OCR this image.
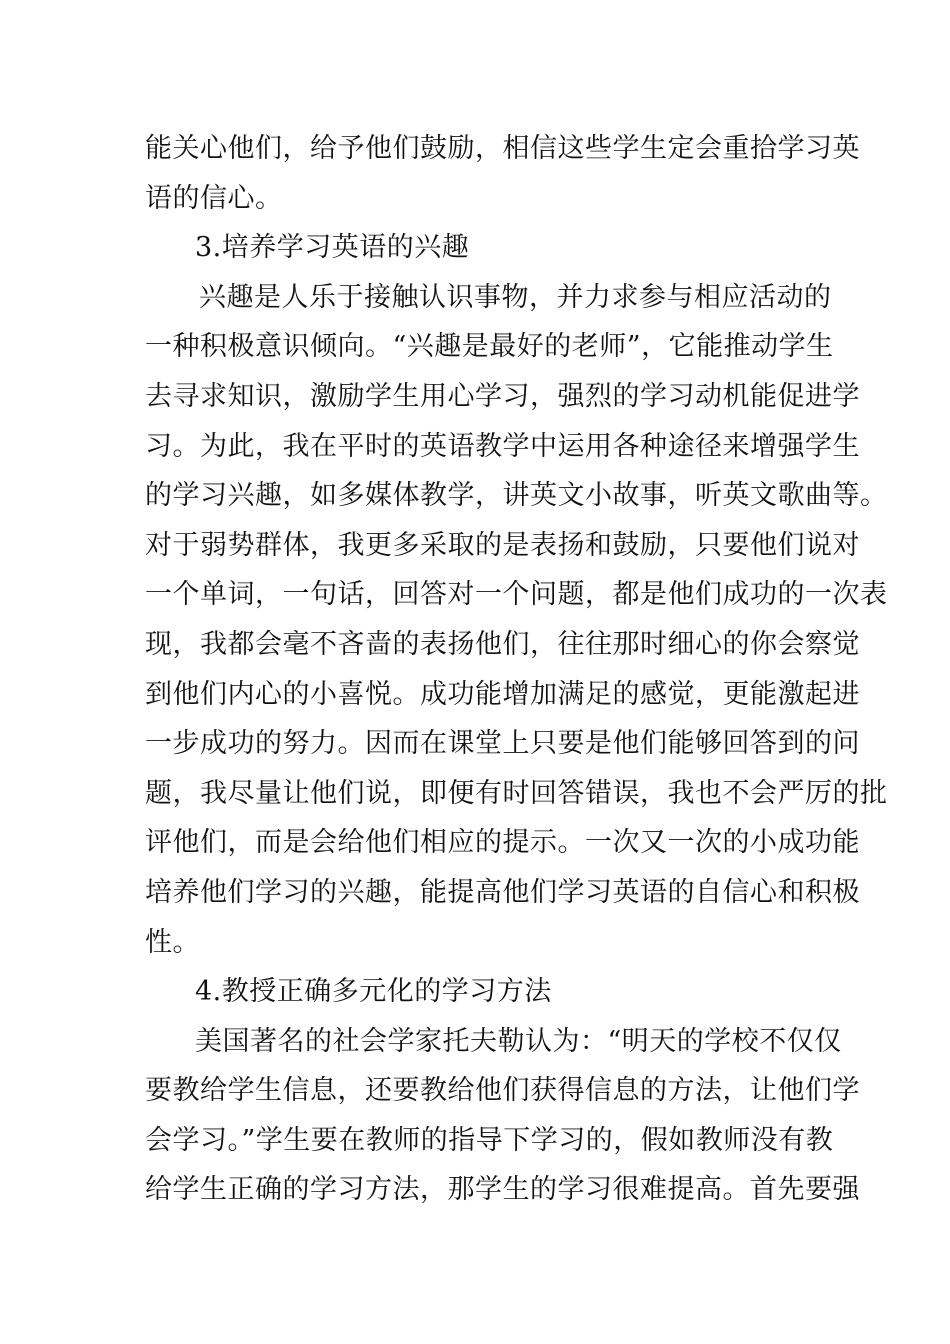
能关心他们，给予他们鼓励，相信这些学生定会重拾学习英
语的信心。
3.培养学习英语的兴趣
兴趣是人乐于接触认识事物，并力求参与相应活动的
一种积极意识倾向。“兴趣是最好的老师”，它能推动学生
去寻求知识，激励学生用心学习，强烈的学习动机能促进学
习。为此，我在平时的英语教学中运用各种途径来增强学生
的学习兴趣，如多媒体教学，讲英文小故事，听英文歌曲等。
对于弱势群体，我更多采取的是表扬和鼓励，只要他们说对
一个单词，一句话，回答对一个问题，都是他们成功的一次表
现，我都会毫不吝啬的表扬他们，往往那时细心的你会察觉
到他们内心的小喜悦。成功能增加满足的感觉，更能激起进
一步成功的努力。因而在课堂上只要是他们能够回答到的问
题，我尽量让他们说，即便有时回答错误，我也不会严厉的批
评他们，而是会给他们相应的提示。一次又一次的小成功能
培养他们学习的兴趣，能提高他们学习英语的自信心和积极
性。
4.教授正确多元化的学习方法
美国著名的社会学家托夫勒认为：“明天的学校不仅仅
要教给学生信息，还要教给他们获得信息的方法，让他们学
会学习。”学生要在教师的指导下学习的，假如教师没有教
给学生正确的学习方法，那学生的学习很难提高。首先要强
